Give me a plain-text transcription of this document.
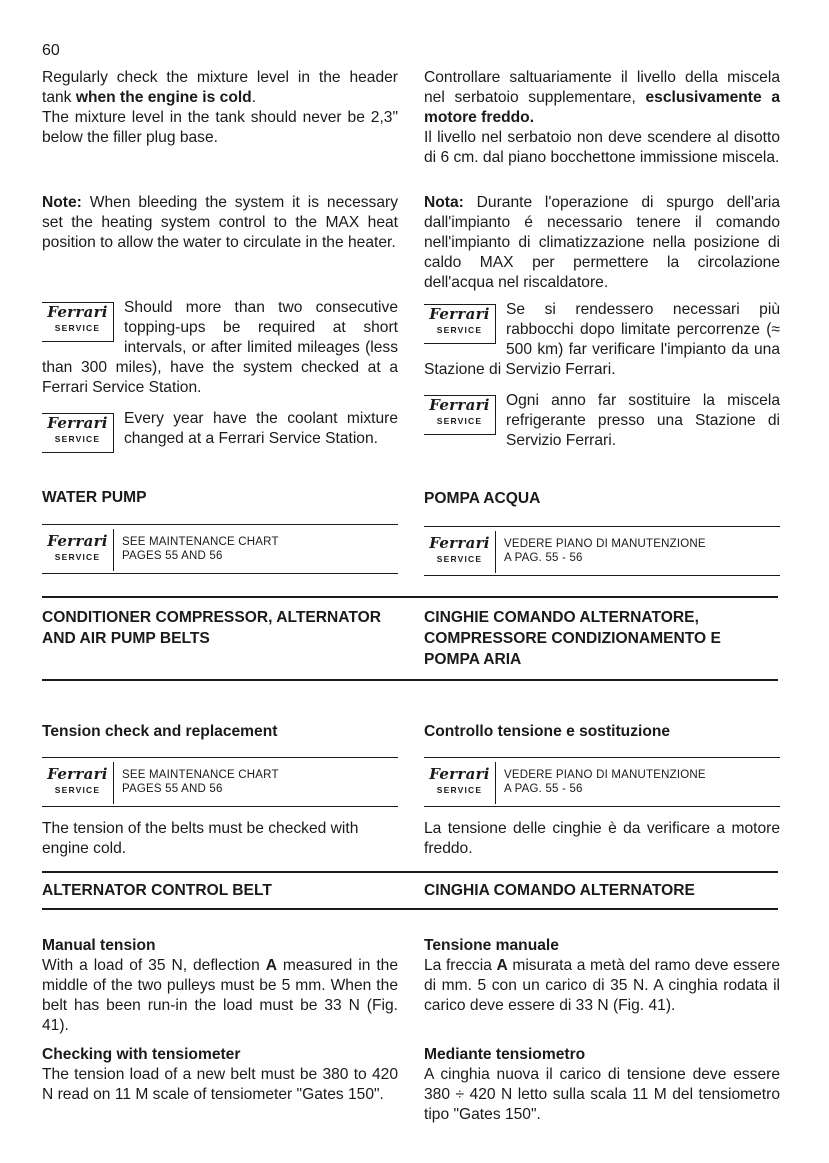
60

Regularly check the mixture level in the header tank when the engine is cold.

The mixture level in the tank should never be 2,3" below the filler plug base.

Note: When bleeding the system it is necessary set the heating system control to the MAX heat position to allow the water to circulate in the heater.

Ferrari
SERVICE

Should more than two consecutive topping-ups be required at short intervals, or after limited mileages (less than 300 miles), have the system checked at a Ferrari Service Station.

Ferrari
SERVICE

Every year have the coolant mixture changed at a Ferrari Service Station.

WATER PUMP
Ferrari
SERVICE
SEE MAINTENANCE CHART
PAGES 55 AND 56
CONDITIONER COMPRESSOR, ALTERNATOR
AND AIR PUMP BELTS
Tension check and replacement
Ferrari
SERVICE
SEE MAINTENANCE CHART
PAGES 55 AND 56
The tension of the belts must be checked with engine cold.
ALTERNATOR CONTROL BELT

Manual tension

With a load of 35 N, deflection A measured in the middle of the two pulleys must be 5 mm. When the belt has been run-in the load must be 33 N (Fig. 41).

Checking with tensiometer

The tension load of a new belt must be 380 to 420 N read on 11 M scale of tensiometer "Gates 150".

Controllare saltuariamente il livello della miscela nel serbatoio supplementare, esclusivamente a motore freddo.

Il livello nel serbatoio non deve scendere al disotto di 6 cm. dal piano bocchettone immissione miscela.

Nota: Durante l'operazione di spurgo dell'aria dall'impianto é necessario tenere il comando nell'impianto di climatizzazione nella posizione di caldo MAX per permettere la circolazione dell'acqua nel riscaldatore.

Ferrari
SERVICE

Se si rendessero necessari più rabbocchi dopo limitate percorrenze (≈ 500 km) far verificare l'impianto da una Stazione di Servizio Ferrari.

Ferrari
SERVICE

Ogni anno far sostituire la miscela refrigerante presso una Stazione di Servizio Ferrari.

POMPA ACQUA
Ferrari
SERVICE
VEDERE PIANO DI MANUTENZIONE
A PAG. 55 - 56
CINGHIE COMANDO ALTERNATORE,
COMPRESSORE CONDIZIONAMENTO E
POMPA ARIA
Controllo tensione e sostituzione
Ferrari
SERVICE
VEDERE PIANO DI MANUTENZIONE
A PAG. 55 - 56
La tensione delle cinghie è da verificare a motore freddo.
CINGHIA COMANDO ALTERNATORE

Tensione manuale

La freccia A misurata a metà del ramo deve essere di mm. 5 con un carico di 35 N. A cinghia rodata il carico deve essere di 33 N (Fig. 41).

Mediante tensiometro

A cinghia nuova il carico di tensione deve essere 380 ÷ 420 N letto sulla scala 11 M del tensiometro tipo "Gates 150".
